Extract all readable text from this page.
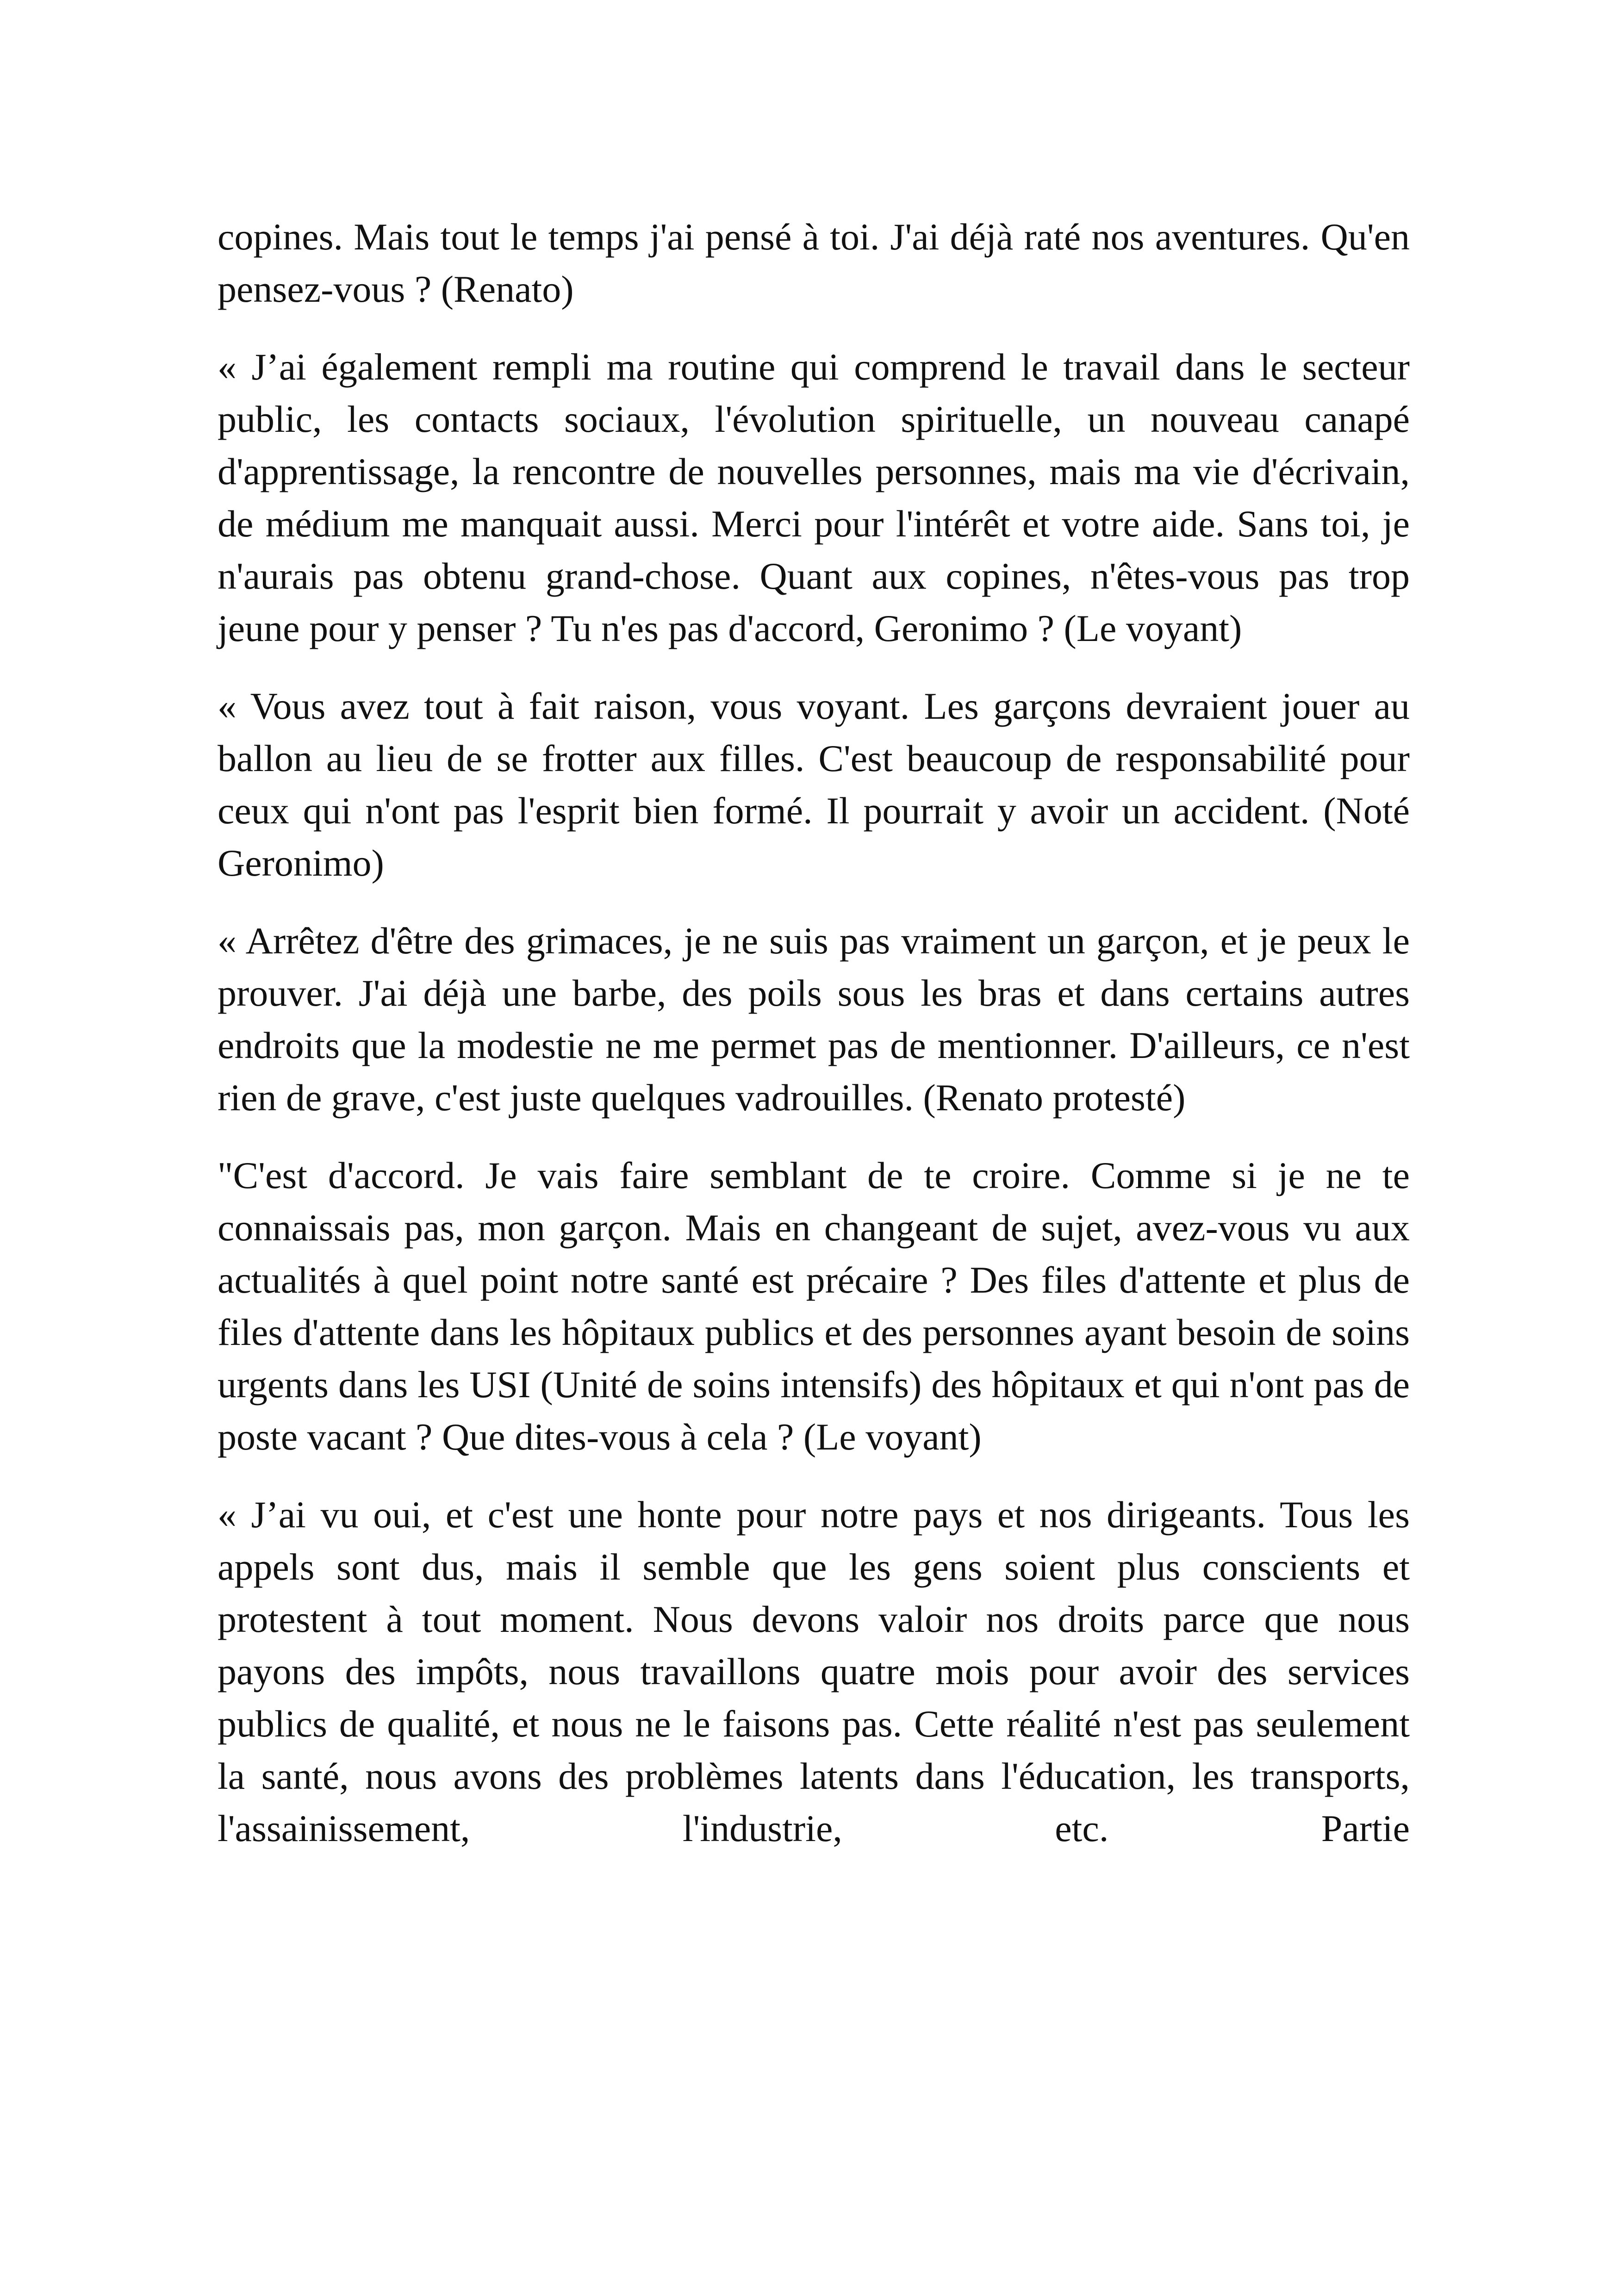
copines. Mais tout le temps j'ai pensé à toi. J'ai déjà raté nos aventures. Qu'en pensez-vous ? (Renato)

« J’ai également rempli ma routine qui comprend le travail dans le secteur public, les contacts sociaux, l'évolution spirituelle, un nouveau canapé d'apprentissage, la rencontre de nouvelles personnes, mais ma vie d'écrivain, de médium me manquait aussi. Merci pour l'intérêt et votre aide. Sans toi, je n'aurais pas obtenu grand-chose. Quant aux copines, n'êtes-vous pas trop jeune pour y penser ? Tu n'es pas d'accord, Geronimo ? (Le voyant)

« Vous avez tout à fait raison, vous voyant. Les garçons devraient jouer au ballon au lieu de se frotter aux filles. C'est beaucoup de responsabilité pour ceux qui n'ont pas l'esprit bien formé. Il pourrait y avoir un accident. (Noté Geronimo)

« Arrêtez d'être des grimaces, je ne suis pas vraiment un garçon, et je peux le prouver. J'ai déjà une barbe, des poils sous les bras et dans certains autres endroits que la modestie ne me permet pas de mentionner. D'ailleurs, ce n'est rien de grave, c'est juste quelques vadrouilles. (Renato protesté)

"C'est d'accord. Je vais faire semblant de te croire. Comme si je ne te connaissais pas, mon garçon. Mais en changeant de sujet, avez-vous vu aux actualités à quel point notre santé est précaire ? Des files d'attente et plus de files d'attente dans les hôpitaux publics et des personnes ayant besoin de soins urgents dans les USI (Unité de soins intensifs) des hôpitaux et qui n'ont pas de poste vacant ? Que dites-vous à cela ? (Le voyant)

« J’ai vu oui, et c'est une honte pour notre pays et nos dirigeants. Tous les appels sont dus, mais il semble que les gens soient plus conscients et protestent à tout moment. Nous devons valoir nos droits parce que nous payons des impôts, nous travaillons quatre mois pour avoir des services publics de qualité, et nous ne le faisons pas. Cette réalité n'est pas seulement la santé, nous avons des problèmes latents dans l'éducation, les transports, l'assainissement, l'industrie, etc. Partie
